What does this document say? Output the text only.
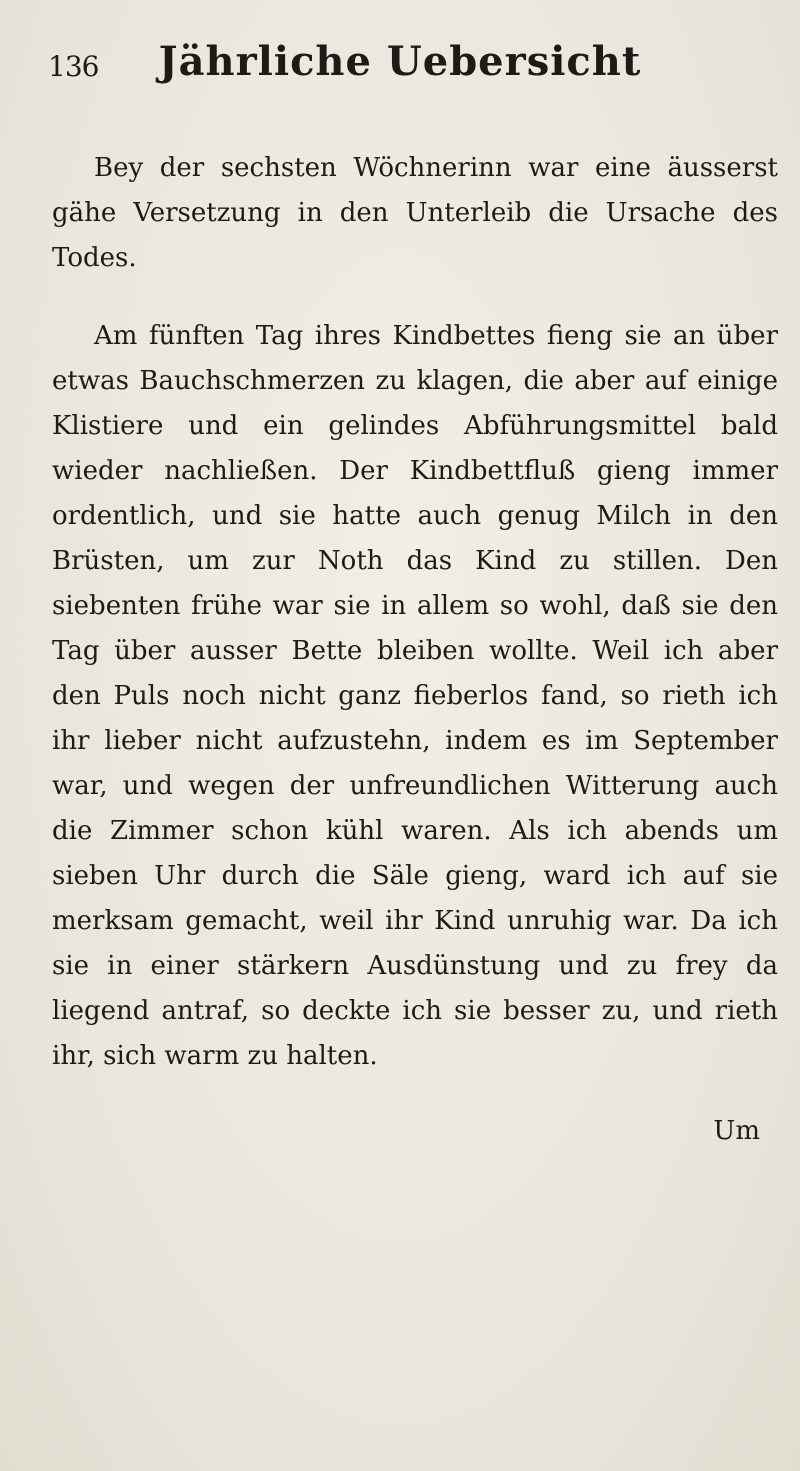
136	Jährliche Uebersicht

Bey der sechsten Wöchnerinn war eine äusserst gähe Versetzung in den Unterleib die Ursache des Todes.

Am fünften Tag ihres Kindbettes fieng sie an über etwas Bauchschmerzen zu klagen, die aber auf einige Klistiere und ein gelindes Abführungsmittel bald wieder nachließen. Der Kindbettfluß gieng immer ordentlich, und sie hatte auch genug Milch in den Brüsten, um zur Noth das Kind zu stillen. Den siebenten frühe war sie in allem so wohl, daß sie den Tag über ausser Bette bleiben wollte. Weil ich aber den Puls noch nicht ganz fieberlos fand, so rieth ich ihr lieber nicht aufzustehn, indem es im September war, und wegen der unfreundlichen Witterung auch die Zimmer schon kühl waren. Als ich abends um sieben Uhr durch die Säle gieng, ward ich auf sie merksam gemacht, weil ihr Kind unruhig war. Da ich sie in einer stärkern Ausdünstung und zu frey da liegend antraf, so deckte ich sie besser zu, und rieth ihr, sich warm zu halten.

Um
